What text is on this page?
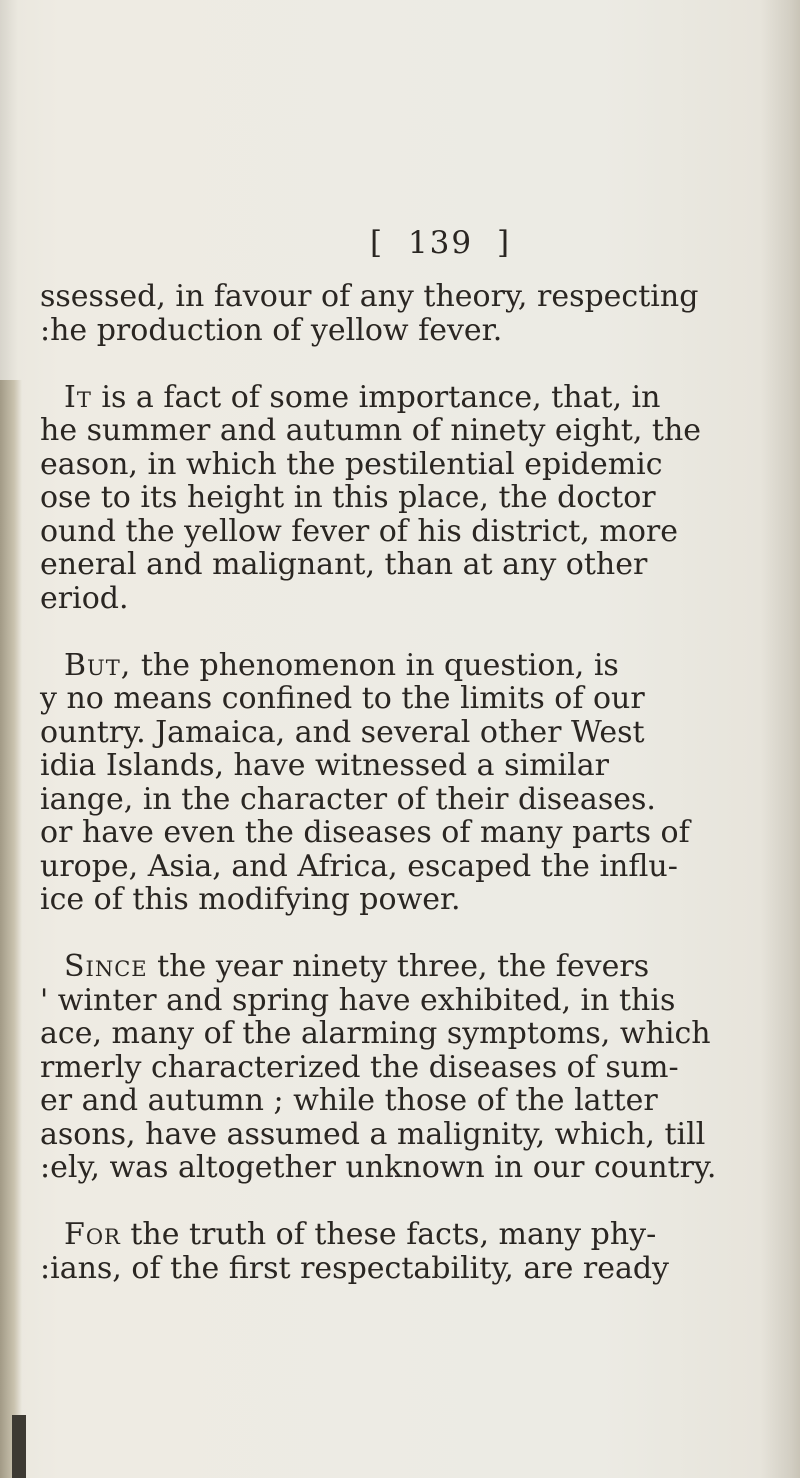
[ 139 ]
ssessed, in favour of any theory, respecting
:he production of yellow fever.
It is a fact of some importance, that, in
he summer and autumn of ninety eight, the
eason, in which the pestilential epidemic
ose to its height in this place, the doctor
ound the yellow fever of his district, more
eneral and malignant, than at any other
eriod.
But, the phenomenon in question, is
y no means confined to the limits of our
ountry. Jamaica, and several other West
idia Islands, have witnessed a similar
iange, in the character of their diseases.
or have even the diseases of many parts of
urope, Asia, and Africa, escaped the influ-
ice of this modifying power.
Since the year ninety three, the fevers
' winter and spring have exhibited, in this
ace, many of the alarming symptoms, which
rmerly characterized the diseases of sum-
er and autumn ; while those of the latter
asons, have assumed a malignity, which, till
:ely, was altogether unknown in our country.
For the truth of these facts, many phy-
:ians, of the first respectability, are ready
